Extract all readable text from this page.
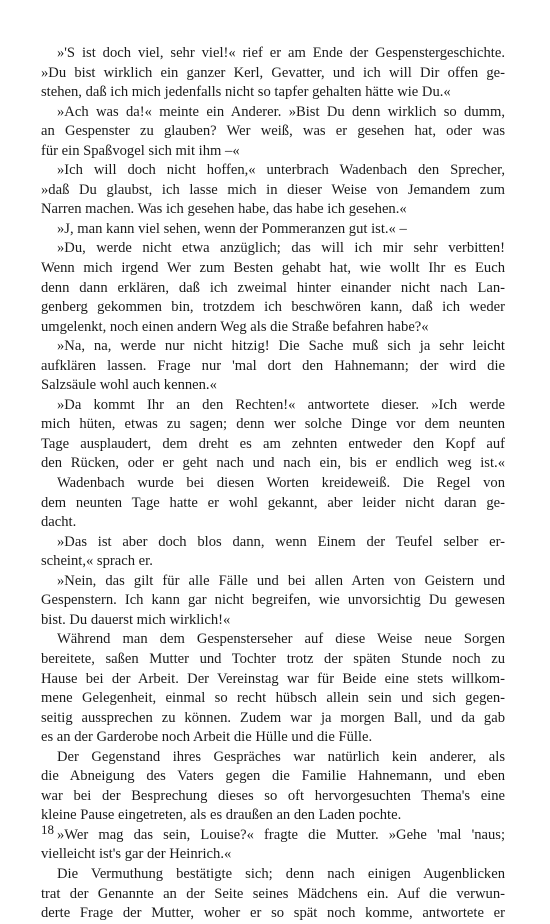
»'S ist doch viel, sehr viel!« rief er am Ende der Gespenstergeschichte.
»Du bist wirklich ein ganzer Kerl, Gevatter, und ich will Dir offen ge-
stehen, daß ich mich jedenfalls nicht so tapfer gehalten hätte wie Du.«
»Ach was da!« meinte ein Anderer. »Bist Du denn wirklich so dumm,
an Gespenster zu glauben? Wer weiß, was er gesehen hat, oder was
für ein Spaßvogel sich mit ihm –«
»Ich will doch nicht hoffen,« unterbrach Wadenbach den Sprecher,
»daß Du glaubst, ich lasse mich in dieser Weise von Jemandem zum
Narren machen. Was ich gesehen habe, das habe ich gesehen.«
»J, man kann viel sehen, wenn der Pommeranzen gut ist.« –
»Du, werde nicht etwa anzüglich; das will ich mir sehr verbitten!
Wenn mich irgend Wer zum Besten gehabt hat, wie wollt Ihr es Euch
denn dann erklären, daß ich zweimal hinter einander nicht nach Lan-
genberg gekommen bin, trotzdem ich beschwören kann, daß ich weder
umgelenkt, noch einen andern Weg als die Straße befahren habe?«
»Na, na, werde nur nicht hitzig! Die Sache muß sich ja sehr leicht
aufklären lassen. Frage nur 'mal dort den Hahnemann; der wird die
Salzsäule wohl auch kennen.«
»Da kommt Ihr an den Rechten!« antwortete dieser. »Ich werde
mich hüten, etwas zu sagen; denn wer solche Dinge vor dem neunten
Tage ausplaudert, dem dreht es am zehnten entweder den Kopf auf
den Rücken, oder er geht nach und nach ein, bis er endlich weg ist.«
Wadenbach wurde bei diesen Worten kreideweiß. Die Regel von
dem neunten Tage hatte er wohl gekannt, aber leider nicht daran ge-
dacht.
»Das ist aber doch blos dann, wenn Einem der Teufel selber er-
scheint,« sprach er.
»Nein, das gilt für alle Fälle und bei allen Arten von Geistern und
Gespenstern. Ich kann gar nicht begreifen, wie unvorsichtig Du gewesen
bist. Du dauerst mich wirklich!«
Während man dem Gespensterseher auf diese Weise neue Sorgen
bereitete, saßen Mutter und Tochter trotz der späten Stunde noch zu
Hause bei der Arbeit. Der Vereinstag war für Beide eine stets willkom-
mene Gelegenheit, einmal so recht hübsch allein sein und sich gegen-
seitig aussprechen zu können. Zudem war ja morgen Ball, und da gab
es an der Garderobe noch Arbeit die Hülle und die Fülle.
Der Gegenstand ihres Gespräches war natürlich kein anderer, als
die Abneigung des Vaters gegen die Familie Hahnemann, und eben
war bei der Besprechung dieses so oft hervorgesuchten Thema's eine
kleine Pause eingetreten, als es draußen an den Laden pochte.
»Wer mag das sein, Louise?« fragte die Mutter. »Gehe 'mal 'naus;
vielleicht ist's gar der Heinrich.«
Die Vermuthung bestätigte sich; denn nach einigen Augenblicken
trat der Genannte an der Seite seines Mädchens ein. Auf die verwun-
derte Frage der Mutter, woher er so spät noch komme, antwortete er
18
